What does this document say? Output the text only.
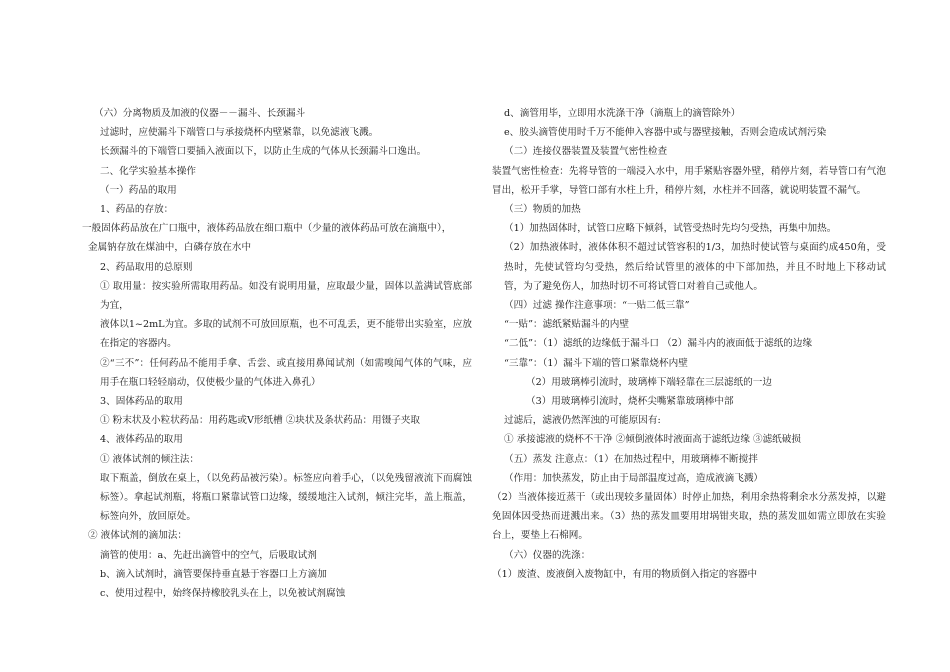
（六）分离物质及加液的仪器－－漏斗、长颈漏斗
过滤时，应使漏斗下端管口与承接烧杯内壁紧靠，以免滤液飞溅。
长颈漏斗的下端管口要插入液面以下，以防止生成的气体从长颈漏斗口逸出。
二、化学实验基本操作
（一）药品的取用
1、药品的存放：
一般固体药品放在广口瓶中，液体药品放在细口瓶中（少量的液体药品可放在滴瓶中），
金属钠存放在煤油中，白磷存放在水中
2、药品取用的总原则
① 取用量：按实验所需取用药品。如没有说明用量，应取最少量，固体以盖满试管底部为宜，
液体以1~2mL为宜。多取的试剂不可放回原瓶，也不可乱丢，更不能带出实验室，应放在指定的容器内。
②“三不”：任何药品不能用手拿、舌尝、或直接用鼻闻试剂（如需嗅闻气体的气味，应用手在瓶口轻轻扇动，仅使极少量的气体进入鼻孔）
3、固体药品的取用
① 粉末状及小粒状药品：用药匙或V形纸槽 ②块状及条状药品：用镊子夹取
4、液体药品的取用
① 液体试剂的倾注法：
取下瓶盖，倒放在桌上，（以免药品被污染）。标签应向着手心，（以免残留液流下而腐蚀标签）。拿起试剂瓶，将瓶口紧靠试管口边缘，缓缓地注入试剂，倾注完毕，盖上瓶盖，标签向外，放回原处。
② 液体试剂的滴加法：
滴管的使用：a、先赶出滴管中的空气，后吸取试剂
b、滴入试剂时，滴管要保持垂直悬于容器口上方滴加
c、使用过程中，始终保持橡胶乳头在上，以免被试剂腐蚀
d、滴管用毕，立即用水洗涤干净（滴瓶上的滴管除外）
e、胶头滴管使用时千万不能伸入容器中或与器壁接触，否则会造成试剂污染
（二）连接仪器装置及装置气密性检查
装置气密性检查：先将导管的一端浸入水中，用手紧贴容器外壁，稍停片刻，若导管口有气泡冒出，松开手掌，导管口部有水柱上升，稍停片刻，水柱并不回落，就说明装置不漏气。
（三）物质的加热
（1）加热固体时，试管口应略下倾斜，试管受热时先均匀受热，再集中加热。
（2）加热液体时，液体体积不超过试管容积的1/3，加热时使试管与桌面约成450角，受热时，先使试管均匀受热，然后给试管里的液体的中下部加热，并且不时地上下移动试管，为了避免伤人，加热时切不可将试管口对着自己或他人。
（四）过滤 操作注意事项：“一贴二低三靠”
“一贴”：滤纸紧贴漏斗的内壁
“二低”：（1）滤纸的边缘低于漏斗口 （2）漏斗内的液面低于滤纸的边缘
“三靠”：（1）漏斗下端的管口紧靠烧杯内壁
（2）用玻璃棒引流时，玻璃棒下端轻靠在三层滤纸的一边
（3）用玻璃棒引流时，烧杯尖嘴紧靠玻璃棒中部
过滤后，滤液仍然浑浊的可能原因有:
① 承接滤液的烧杯不干净 ②倾倒液体时液面高于滤纸边缘 ③滤纸破损
（五）蒸发 注意点：（1）在加热过程中，用玻璃棒不断搅拌
（作用：加快蒸发，防止由于局部温度过高，造成液滴飞溅）
（2）当液体接近蒸干（或出现较多量固体）时停止加热，利用余热将剩余水分蒸发掉，以避免固体因受热而迸溅出来。（3）热的蒸发皿要用坩埚钳夹取，热的蒸发皿如需立即放在实验台上，要垫上石棉网。
（六）仪器的洗涤：
（1）废渣、废液倒入废物缸中，有用的物质倒入指定的容器中
